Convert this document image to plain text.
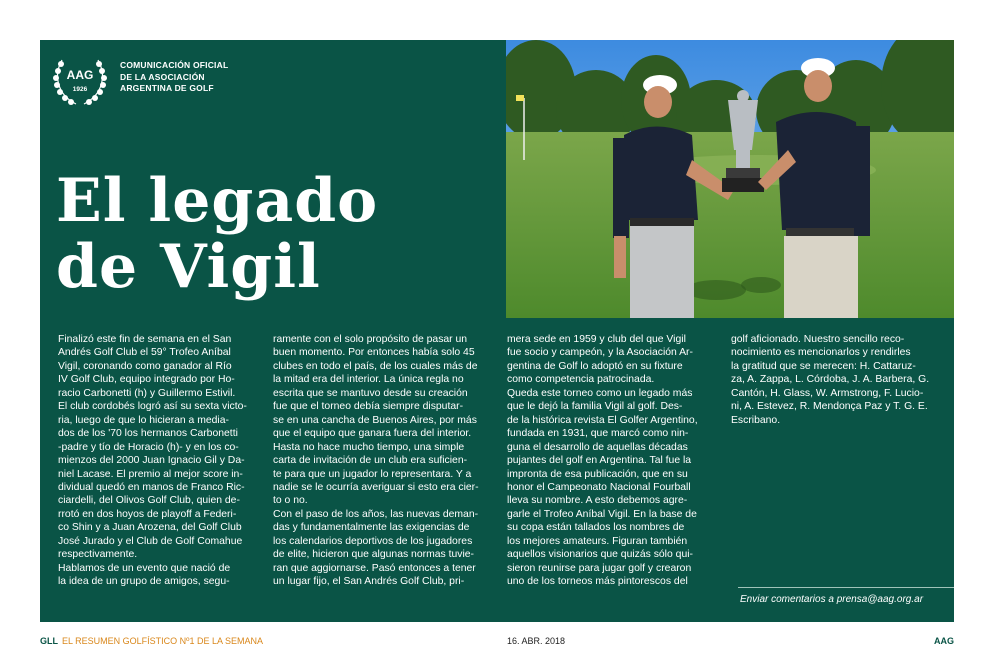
AAG
1926
COMUNICACIÓN OFICIAL
DE LA ASOCIACIÓN
ARGENTINA DE GOLF
El legado
de Vigil
Finalizó este fin de semana en el San
Andrés Golf Club el 59° Trofeo Aníbal
Vigil, coronando como ganador al Río
IV Golf Club, equipo integrado por Ho-
racio Carbonetti (h) y Guillermo Estivil.
El club cordobés logró así su sexta victo-
ria, luego de que lo hicieran a media-
dos de los '70 los hermanos Carbonetti
-padre y tío de Horacio (h)- y en los co-
mienzos del 2000 Juan Ignacio Gil y Da-
niel Lacase. El premio al mejor score in-
dividual quedó en manos de Franco Ric-
ciardelli, del Olivos Golf Club, quien de-
rrotó en dos hoyos de playoff a Federi-
co Shin y a Juan Arozena, del Golf Club
José Jurado y el Club de Golf Comahue
respectivamente.
Hablamos de un evento que nació de
la idea de un grupo de amigos, segu-
ramente con el solo propósito de pasar un
buen momento. Por entonces había solo 45
clubes en todo el país, de los cuales más de
la mitad era del interior. La única regla no
escrita que se mantuvo desde su creación
fue que el torneo debía siempre disputar-
se en una cancha de Buenos Aires, por más
que el equipo que ganara fuera del interior.
Hasta no hace mucho tiempo, una simple
carta de invitación de un club era suficien-
te para que un jugador lo representara. Y a
nadie se le ocurría averiguar si esto era cier-
to o no.
Con el paso de los años, las nuevas deman-
das y fundamentalmente las exigencias de
los calendarios deportivos de los jugadores
de elite, hicieron que algunas normas tuvie-
ran que aggiornarse. Pasó entonces a tener
un lugar fijo, el San Andrés Golf Club, pri-
mera sede en 1959 y club del que Vigil
fue socio y campeón, y la Asociación Ar-
gentina de Golf lo adoptó en su fixture
como competencia patrocinada.
Queda este torneo como un legado más
que le dejó la familia Vigil al golf. Des-
de la histórica revista El Golfer Argentino,
fundada en 1931, que marcó como nin-
guna el desarrollo de aquellas décadas
pujantes del golf en Argentina. Tal fue la
impronta de esa publicación, que en su
honor el Campeonato Nacional Fourball
lleva su nombre. A esto debemos agre-
garle el Trofeo Aníbal Vigil. En la base de
su copa están tallados los nombres de
los mejores amateurs. Figuran también
aquellos visionarios que quizás sólo qui-
sieron reunirse para jugar golf y crearon
uno de los torneos más pintorescos del
golf aficionado. Nuestro sencillo reco-
nocimiento es mencionarlos y rendirles
la gratitud que se merecen: H. Cattaruz-
za, A. Zappa, L. Córdoba, J. A. Barbera, G.
Cantón, H. Glass, W. Armstrong, F. Lucio-
ni, A. Estevez, R. Mendonça Paz y T. G. E.
Escribano.
Enviar comentarios a prensa@aag.org.ar
GLL EL RESUMEN GOLFÍSTICO Nº1 DE LA SEMANA	16. ABR. 2018	AAG
